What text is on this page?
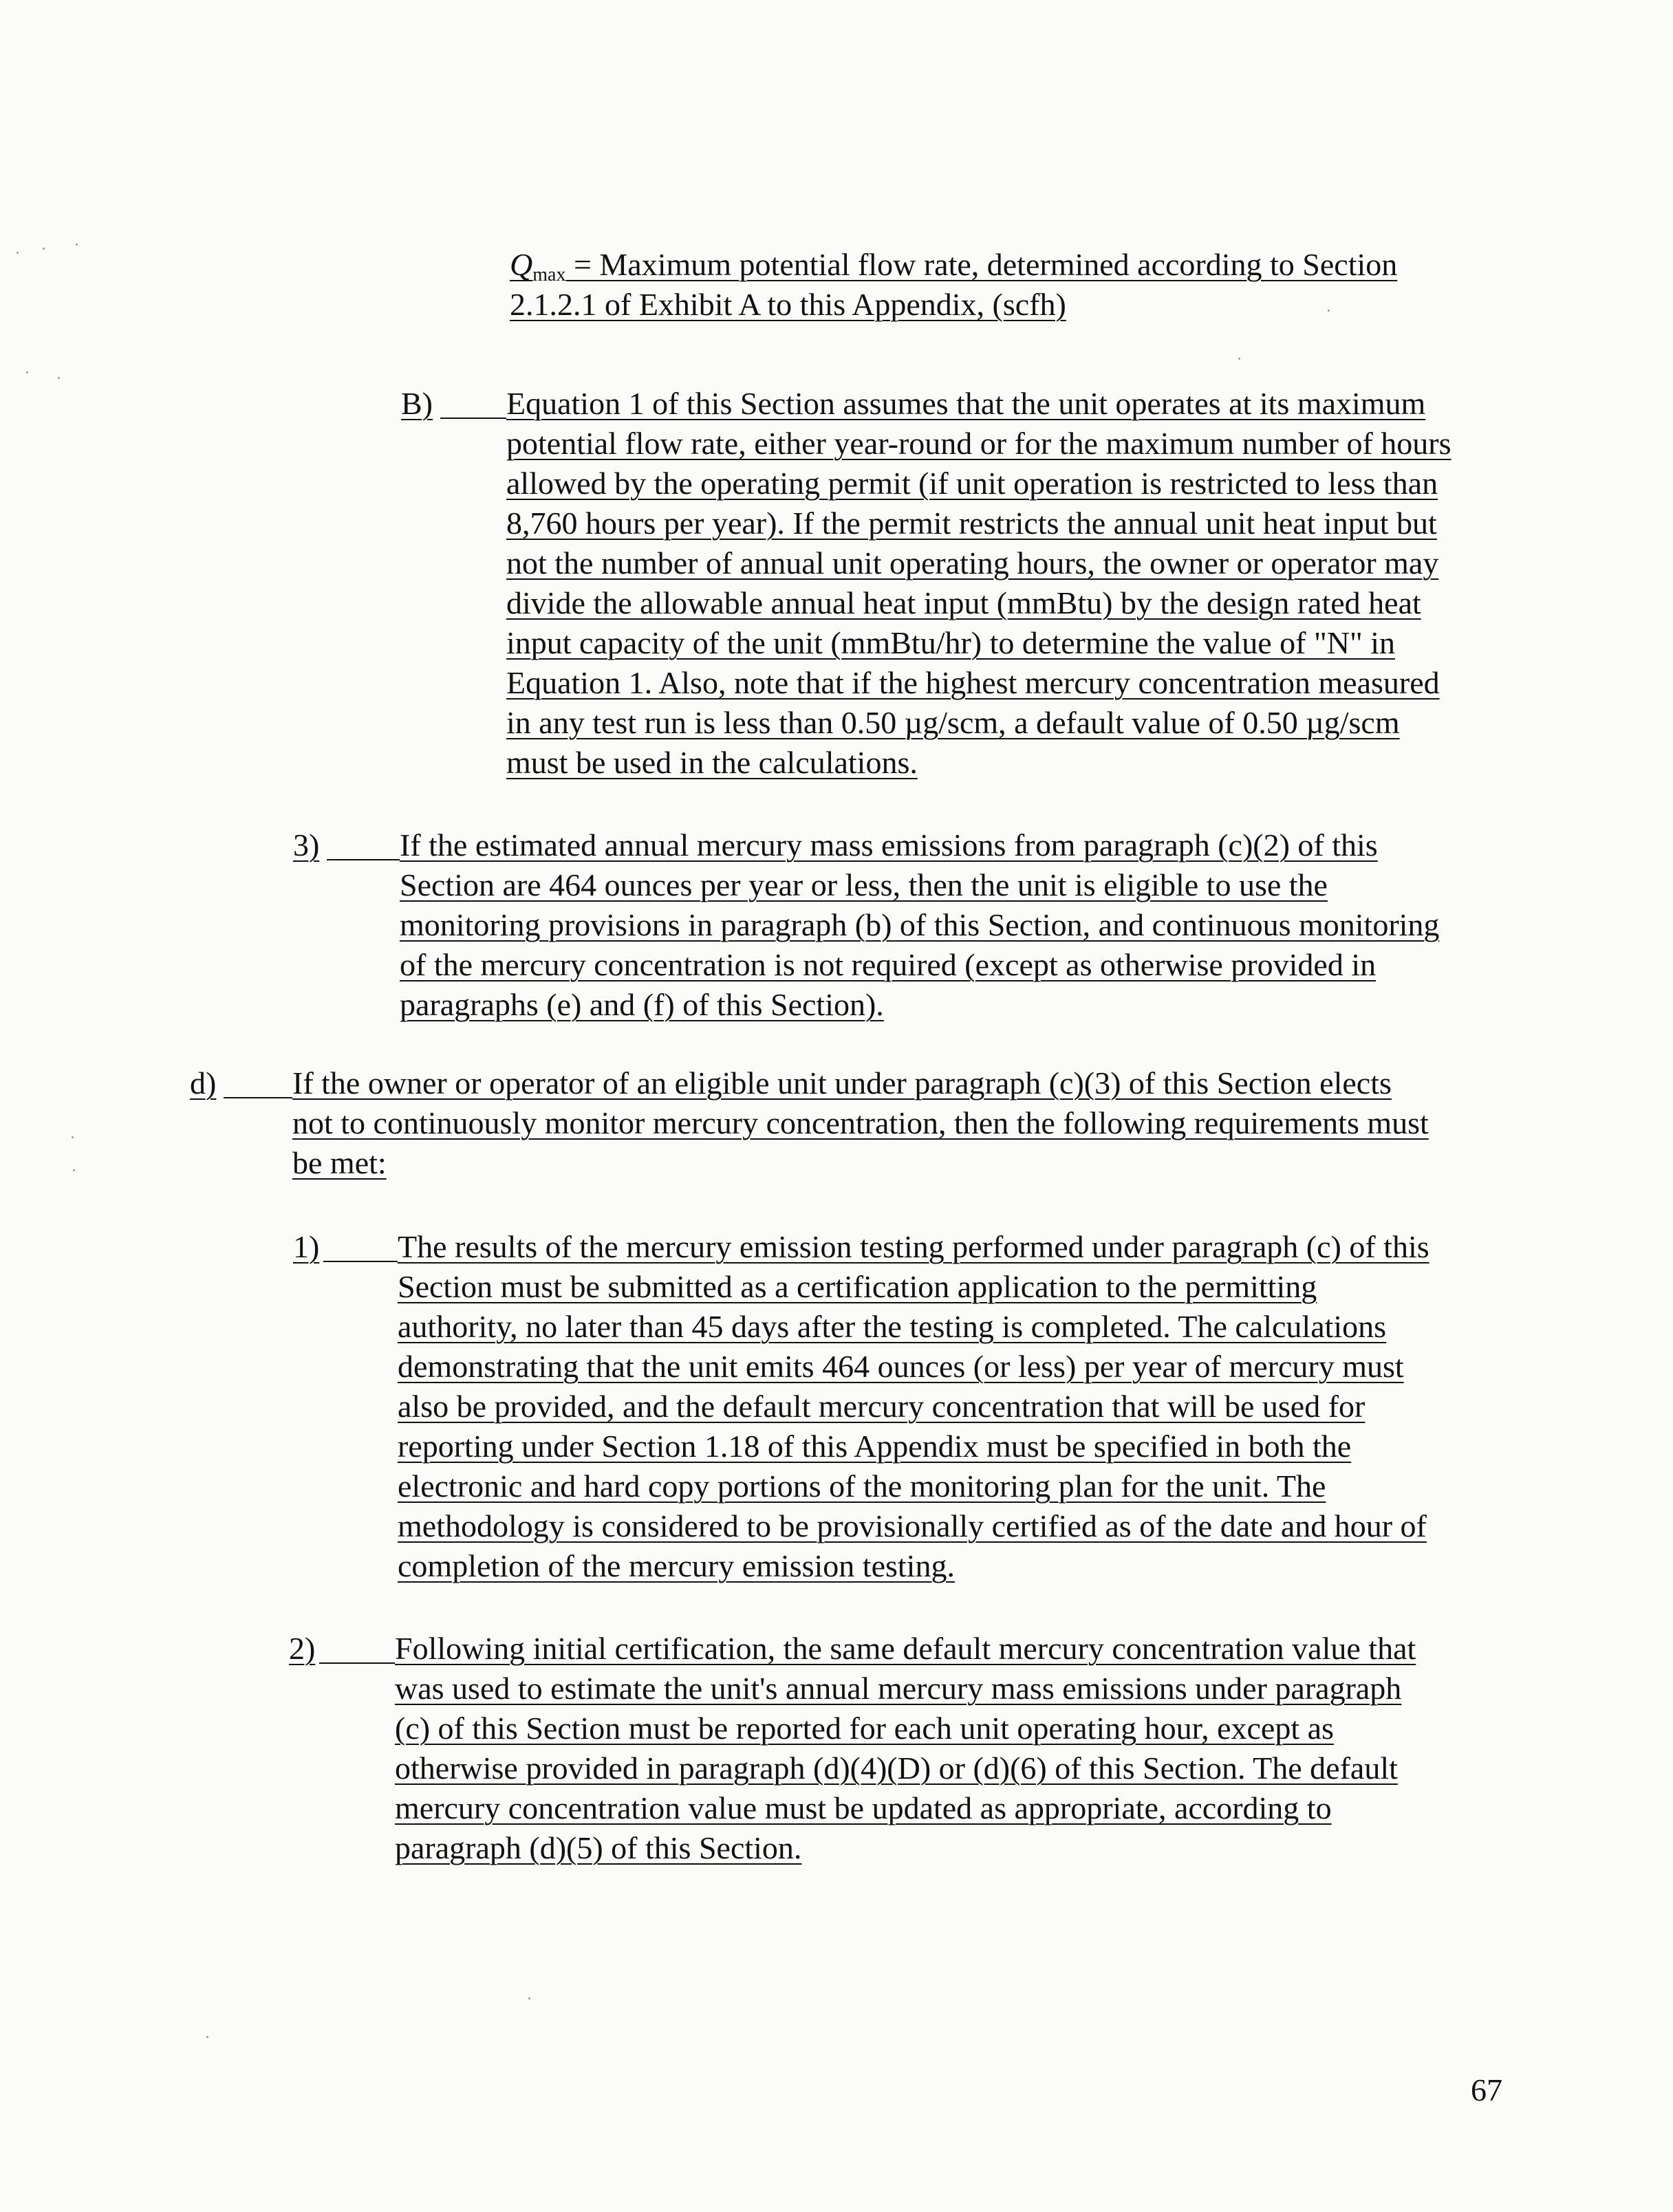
$Q_{max}$ = Maximum potential flow rate, determined according to Section
2.1.2.1 of Exhibit A to this Appendix, (scfh)
B) Equation 1 of this Section assumes that the unit operates at its maximum
potential flow rate, either year-round or for the maximum number of hours
allowed by the operating permit (if unit operation is restricted to less than
8,760 hours per year). If the permit restricts the annual unit heat input but
not the number of annual unit operating hours, the owner or operator may
divide the allowable annual heat input (mmBtu) by the design rated heat
input capacity of the unit (mmBtu/hr) to determine the value of "N" in
Equation 1. Also, note that if the highest mercury concentration measured
in any test run is less than 0.50 µg/scm, a default value of 0.50 µg/scm
must be used in the calculations.
3)	If the estimated annual mercury mass emissions from paragraph (c)(2) of this
Section are 464 ounces per year or less, then the unit is eligible to use the
monitoring provisions in paragraph (b) of this Section, and continuous monitoring
of the mercury concentration is not required (except as otherwise provided in
paragraphs (e) and (f) of this Section).
d) If the owner or operator of an eligible unit under paragraph (c)(3) of this Section elects
not to continuously monitor mercury concentration, then the following requirements must
be met:
1) The results of the mercury emission testing performed under paragraph (c) of this
Section must be submitted as a certification application to the permitting
authority, no later than 45 days after the testing is completed. The calculations
demonstrating that the unit emits 464 ounces (or less) per year of mercury must
also be provided, and the default mercury concentration that will be used for
reporting under Section 1.18 of this Appendix must be specified in both the
electronic and hard copy portions of the monitoring plan for the unit. The
methodology is considered to be provisionally certified as of the date and hour of
completion of the mercury emission testing.
2)	Following initial certification, the same default mercury concentration value that
was used to estimate the unit's annual mercury mass emissions under paragraph
(c) of this Section must be reported for each unit operating hour, except as
otherwise provided in paragraph (d)(4)(D) or (d)(6) of this Section. The default
mercury concentration value must be updated as appropriate, according to
paragraph (d)(5) of this Section.
67
